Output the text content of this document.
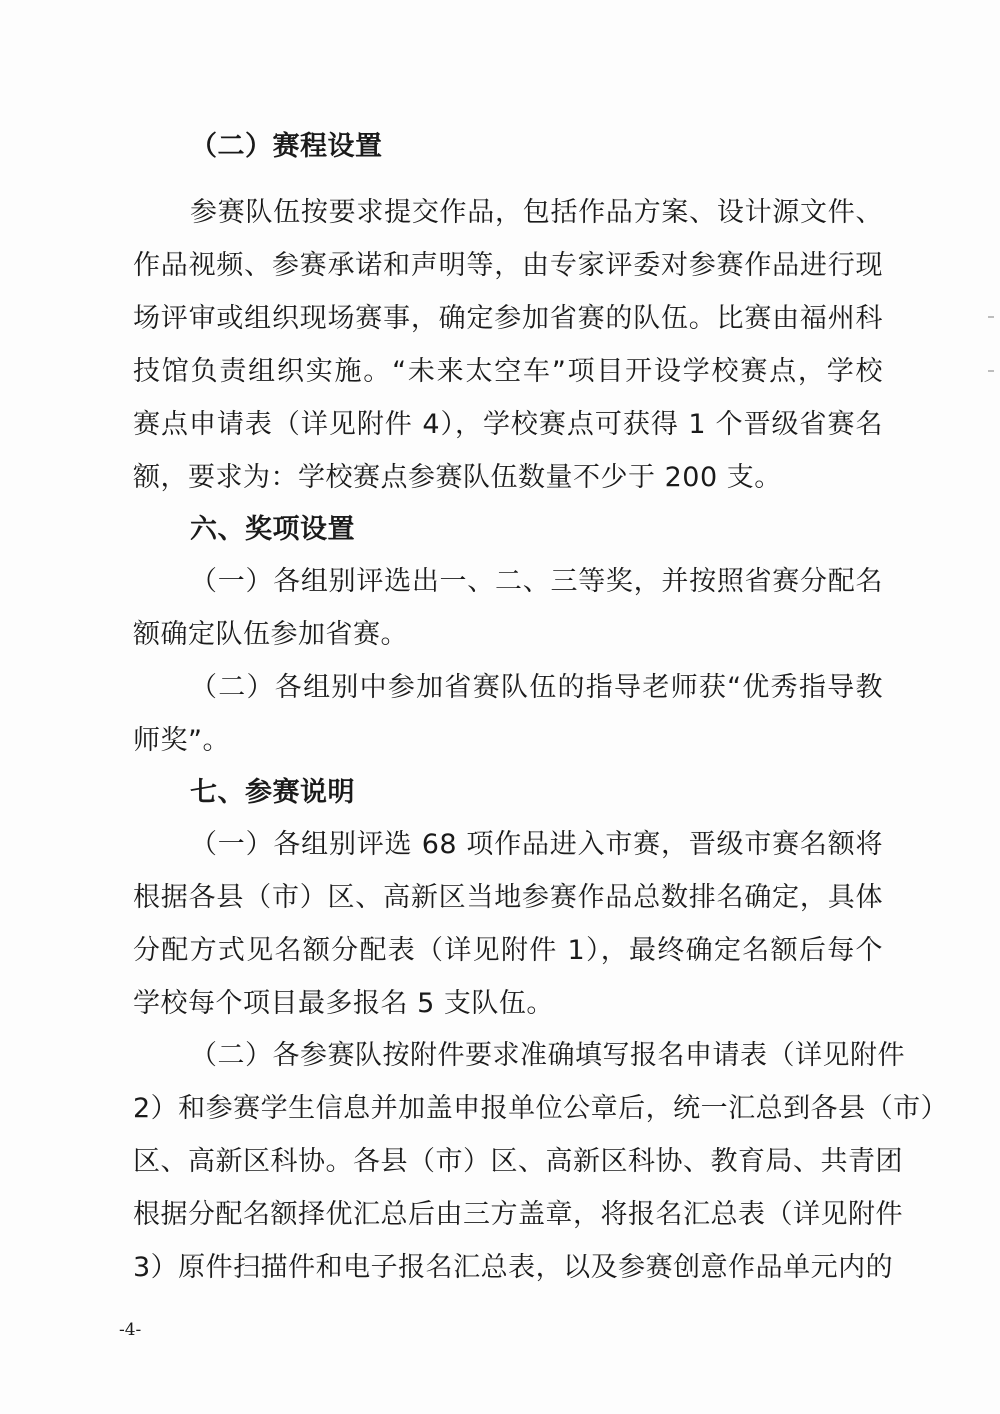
（二）赛程设置
参赛队伍按要求提交作品，包括作品方案、设计源文件、
作品视频、参赛承诺和声明等，由专家评委对参赛作品进行现
场评审或组织现场赛事，确定参加省赛的队伍。比赛由福州科
技馆负责组织实施。“未来太空车”项目开设学校赛点，学校
赛点申请表（详见附件 4），学校赛点可获得 1 个晋级省赛名
额，要求为：学校赛点参赛队伍数量不少于 200 支。
六、奖项设置
（一）各组别评选出一、二、三等奖，并按照省赛分配名
额确定队伍参加省赛。
（二）各组别中参加省赛队伍的指导老师获“优秀指导教
师奖”。
七、参赛说明
（一）各组别评选 68 项作品进入市赛，晋级市赛名额将
根据各县（市）区、高新区当地参赛作品总数排名确定，具体
分配方式见名额分配表（详见附件 1），最终确定名额后每个
学校每个项目最多报名 5 支队伍。
（二）各参赛队按附件要求准确填写报名申请表（详见附件
2）和参赛学生信息并加盖申报单位公章后，统一汇总到各县（市）
区、高新区科协。各县（市）区、高新区科协、教育局、共青团
根据分配名额择优汇总后由三方盖章，将报名汇总表（详见附件
3）原件扫描件和电子报名汇总表，以及参赛创意作品单元内的
-4-
